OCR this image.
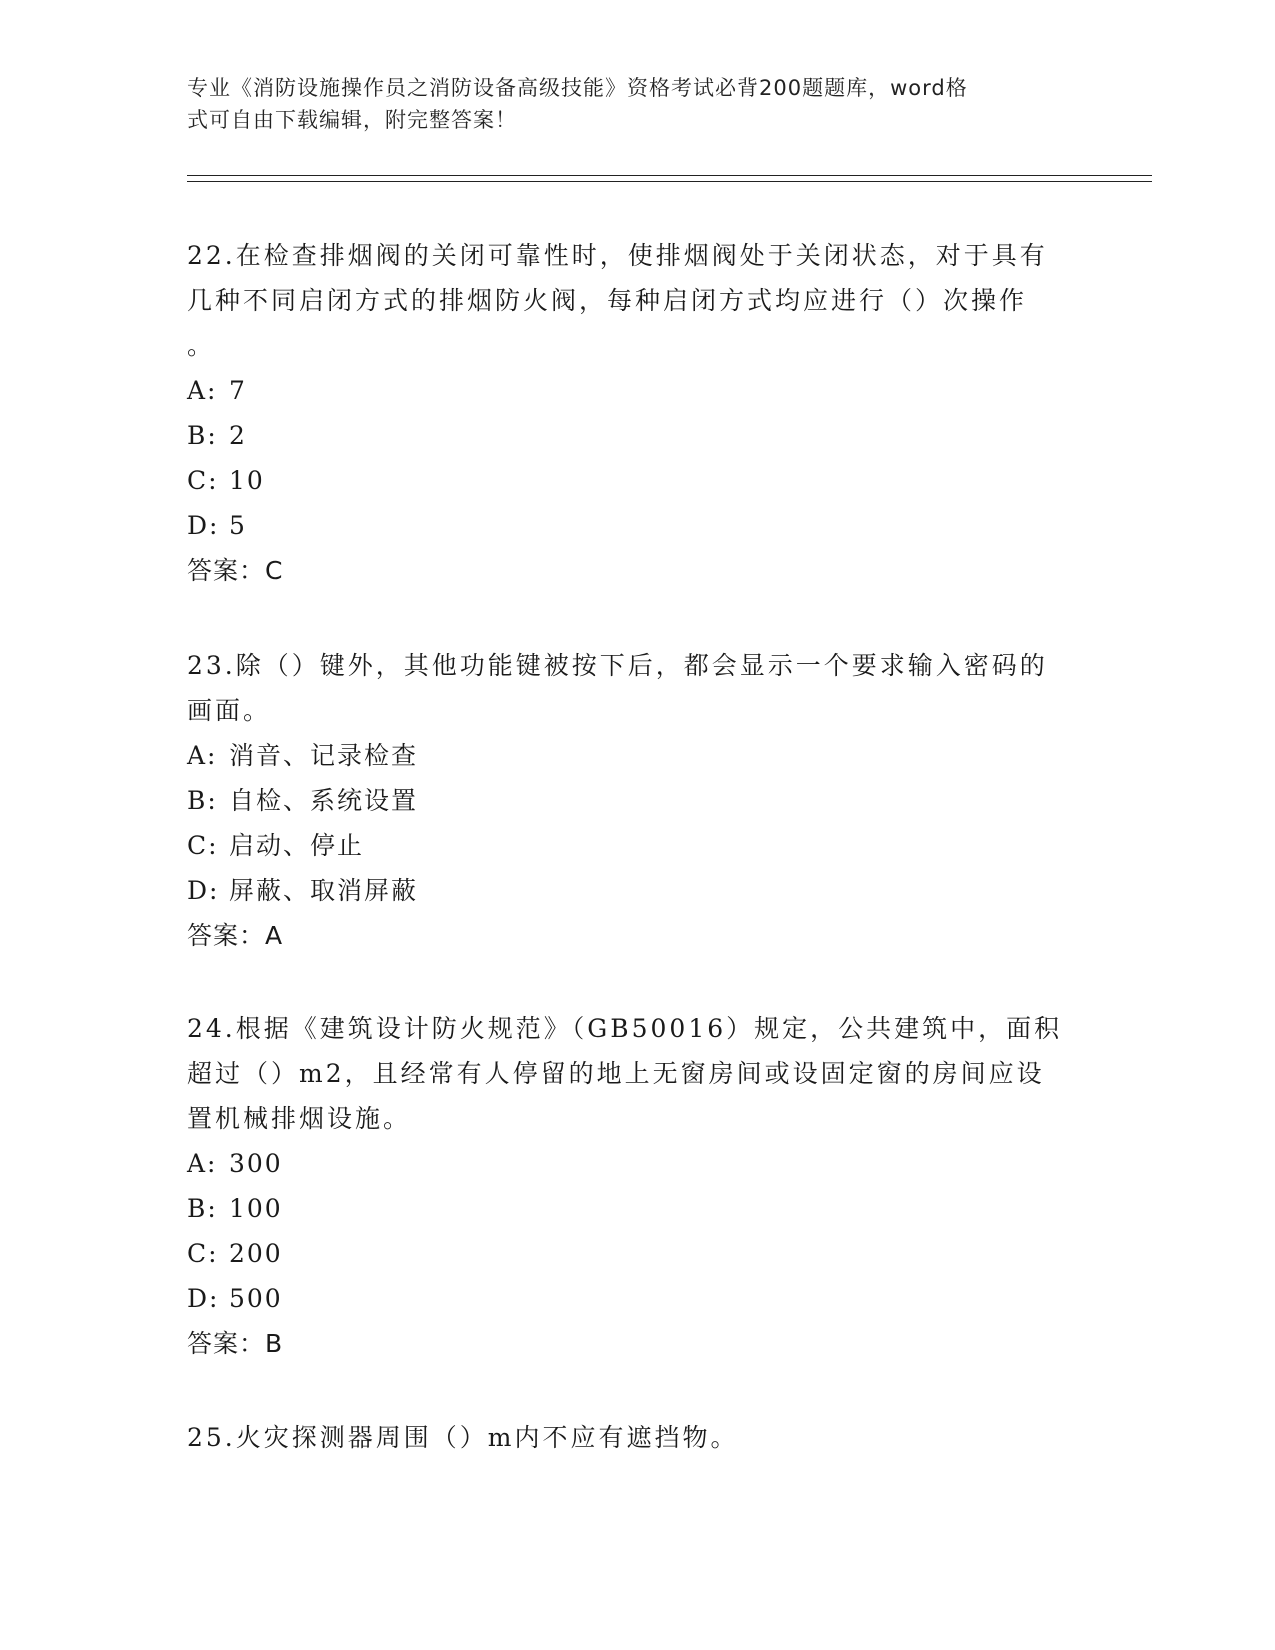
专业《消防设施操作员之消防设备高级技能》资格考试必背200题题库，word格
式可自由下载编辑，附完整答案！

22.在检查排烟阀的关闭可靠性时，使排烟阀处于关闭状态，对于具有

几种不同启闭方式的排烟防火阀，每种启闭方式均应进行（）次操作

。

A: 7

B: 2

C: 10

D: 5

答案：C

23.除（）键外，其他功能键被按下后，都会显示一个要求输入密码的

画面。

A: 消音、记录检查

B: 自检、系统设置

C: 启动、停止

D: 屏蔽、取消屏蔽

答案：A

24.根据《建筑设计防火规范》（GB50016）规定，公共建筑中，面积

超过（）m2，且经常有人停留的地上无窗房间或设固定窗的房间应设

置机械排烟设施。

A: 300

B: 100

C: 200

D: 500

答案：B

25.火灾探测器周围（）m内不应有遮挡物。
